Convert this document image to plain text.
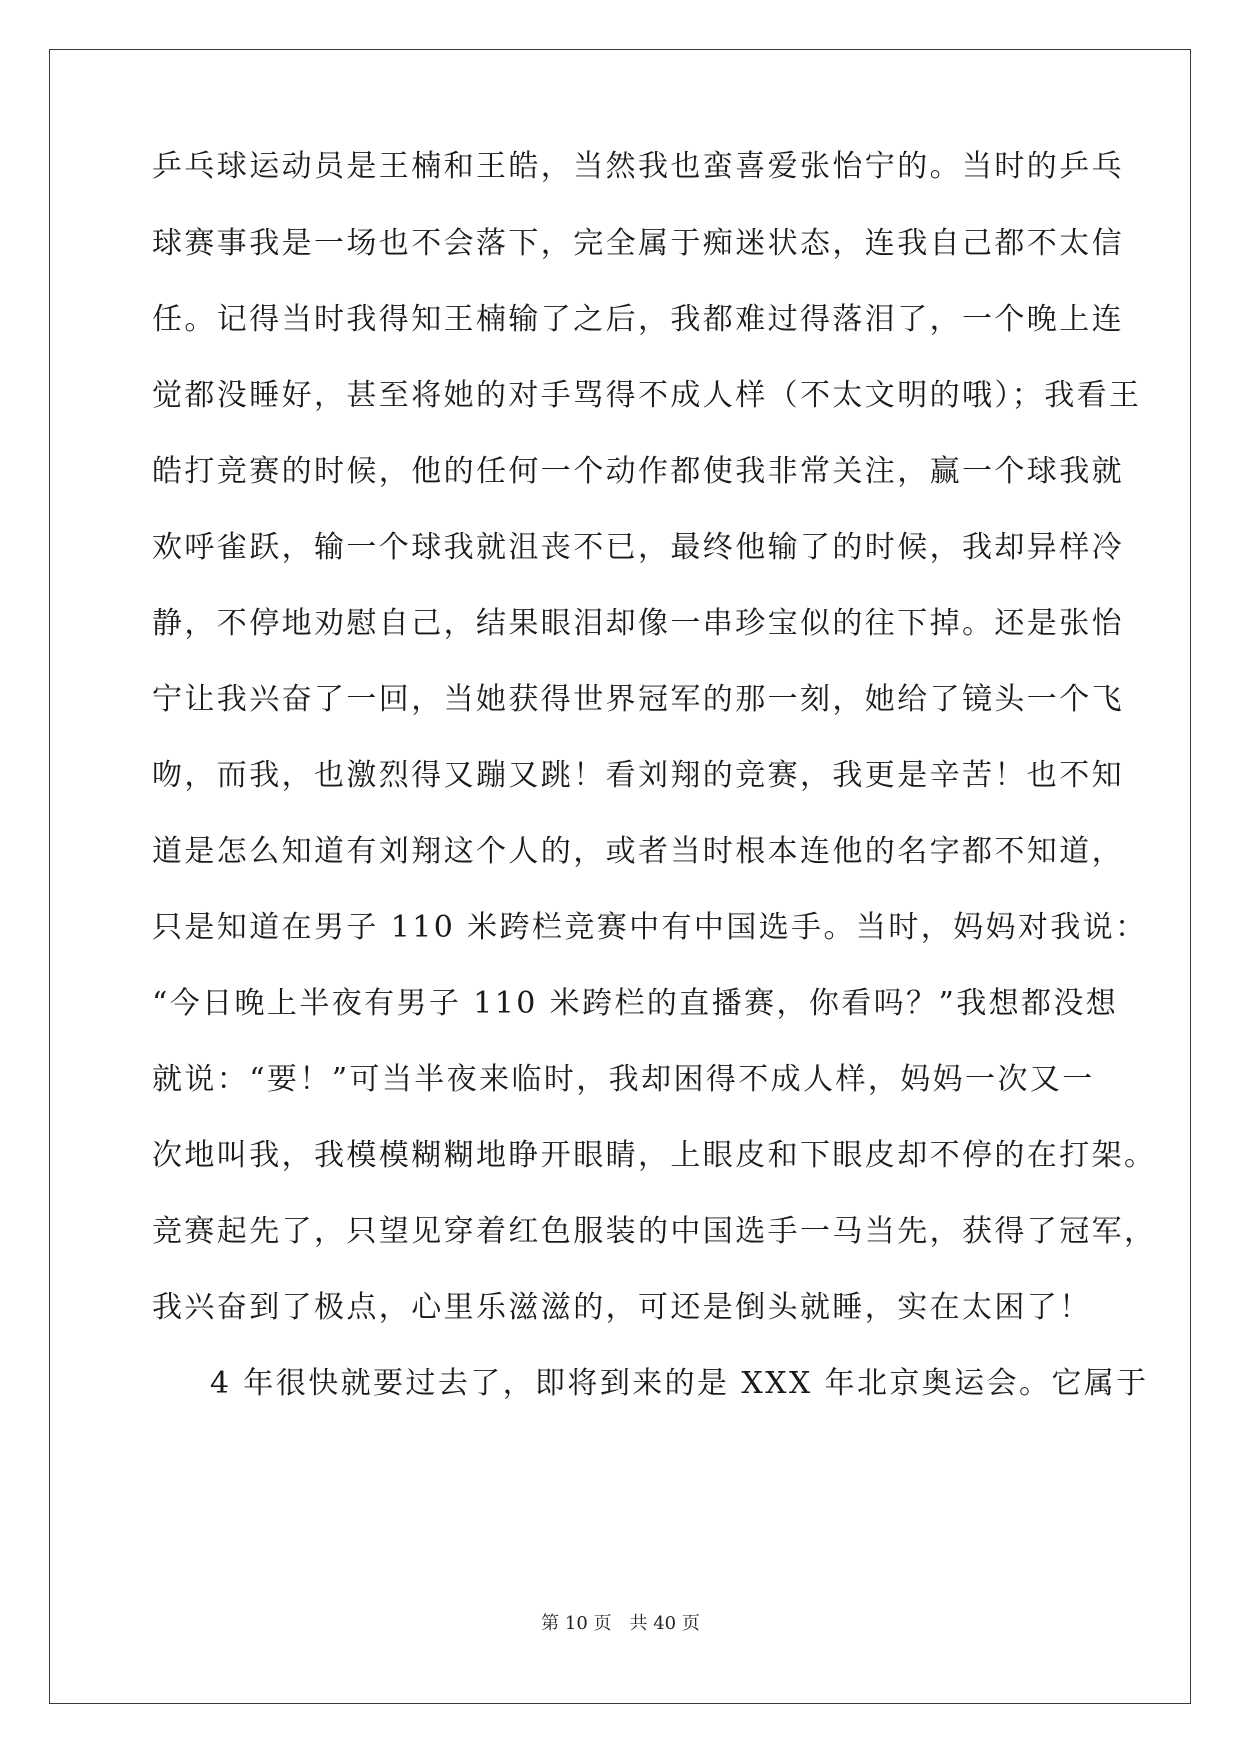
乒乓球运动员是王楠和王皓，当然我也蛮喜爱张怡宁的。当时的乒乓
球赛事我是一场也不会落下，完全属于痴迷状态，连我自己都不太信
任。记得当时我得知王楠输了之后，我都难过得落泪了，一个晚上连
觉都没睡好，甚至将她的对手骂得不成人样（不太文明的哦）；我看王
皓打竞赛的时候，他的任何一个动作都使我非常关注，赢一个球我就
欢呼雀跃，输一个球我就沮丧不已，最终他输了的时候，我却异样冷
静，不停地劝慰自己，结果眼泪却像一串珍宝似的往下掉。还是张怡
宁让我兴奋了一回，当她获得世界冠军的那一刻，她给了镜头一个飞
吻，而我，也激烈得又蹦又跳！看刘翔的竞赛，我更是辛苦！也不知
道是怎么知道有刘翔这个人的，或者当时根本连他的名字都不知道，
只是知道在男子 110 米跨栏竞赛中有中国选手。当时，妈妈对我说：
“今日晚上半夜有男子 110 米跨栏的直播赛，你看吗？”我想都没想
就说：“要！”可当半夜来临时，我却困得不成人样，妈妈一次又一
次地叫我，我模模糊糊地睁开眼睛，上眼皮和下眼皮却不停的在打架。
竞赛起先了，只望见穿着红色服装的中国选手一马当先，获得了冠军，
我兴奋到了极点，心里乐滋滋的，可还是倒头就睡，实在太困了！
4 年很快就要过去了，即将到来的是 XXX 年北京奥运会。它属于
第 10 页　共 40 页
